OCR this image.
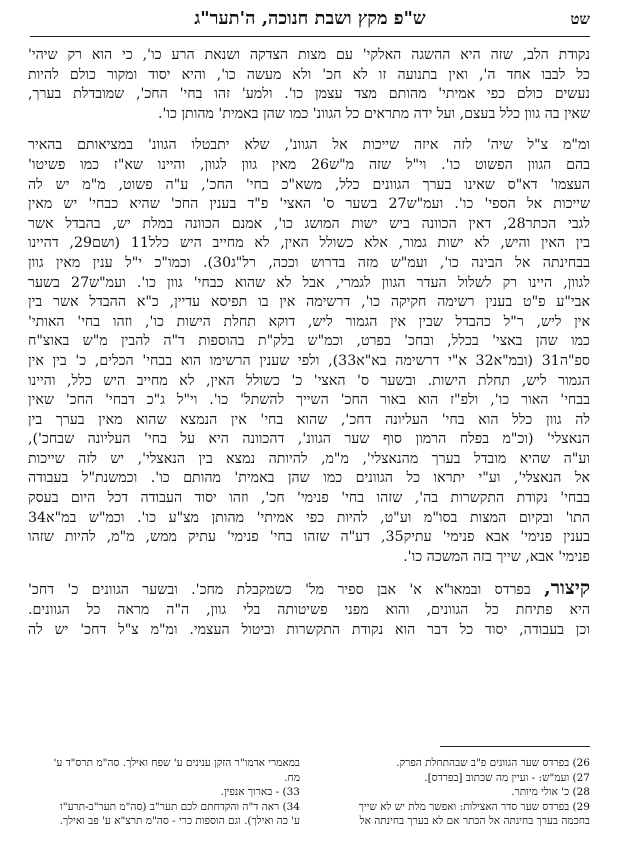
שט
ש"פ מקץ ושבת חנוכה, ה'תער"ג
נקודת הלב, שזה היא ההשגה האלקי' עם מצות הצדקה ושנאת הרע כו', כי הוא רק שיהי'
כל לבבו אחד ה', ואין בתנועה זו לא חכ' ולא מעשה כו', והיא יסוד ומקור כולם להיות
נעשים כולם כפי אמיתי' מהותם מצד עצמן כו'. ולמע' זהו בחי' החכ', שמובדלת בערך,
שאין בה גוון כלל בעצם, ועל ידה מתראים כל הגוונ' כמו שהן באמית' מהותן כו'.
ומ"מ צ"ל שיה' לזה איזה שייכות אל הגוונ', שלא יתבטלו הגוונ' במציאותם בהאיר
בהם הגוון הפשוט כו'. וי"ל שזה מ"ש26 מאין גוון לגוון, והיינו שא"ז כמו פשיטו'
העצמו' דא"ס שאינו בערך הגוונים כלל, משא"כ בחי' החכ', ע"ה פשוט, מ"מ יש לה
שייכות אל הספי' כו'. ועמ"ש27 בשער ס' האצי' פ"ד בענין החכ' שהיא כבחי' יש מאין
לגבי הכתר28, דאין הכוונה ביש ישות המושג כו', אמנם הכוונה במלת יש, בהבדל אשר
בין האין והיש, לא ישות גמור, אלא כשולל האין, לא מחייב היש כלל11 (ושם29, דהיינו
בבחינתה אל הבינה כו', ועמ"ש מזה בדרוש וככה, רל"ג30). וכמו"כ י"ל ענין מאין גוון
לגוון, היינו רק לשלול העדר הגוון לגמרי, אבל לא שהוא כבחי' גוון כו'. ועמ"ש27 בשער
אבי"ע פ"ט בענין רשימה חקיקה כו', דרשימה אין בו תפיסא עדיין, כ"א ההבדל אשר בין
אין ליש, ר"ל כהבדל שבין אין הגמור ליש, דוקא תחלת הישות כו', וזהו בחי' האותי'
כמו שהן באצי' בכלל, ובחכ' בפרט, וכמ"ש בלק"ת בהוספות ד"ה להבין מ"ש באוצ"ח
ספ"ה31 (ובמ"א32 א"י דרשימה בא"א33), ולפי שענין הרשימו הוא בבחי' הכלים, כ' בין אין
הגמור ליש, תחלת הישות. ובשער ס' האצי' כ' כשולל האין, לא מחייב היש כלל, והיינו
בבחי' האור כו', ולפ"ז הוא באור החכ' השייך להשתל' כו'. וי"ל ג"כ דבחי' החכ' שאין
לה גוון כלל הוא בחי' העליונה דחכ', שהוא בחי' אין הנמצא שהוא מאין בערך בין
הנאצלי' (וכ"מ בפלח הרמון סוף שער הגוונ', דהכוונה היא על בחי' העליונה שבחכ'),
וע"ה שהיא מובדל בערך מהנאצלי', מ"מ, להיותה נמצא בין הנאצלי', יש לזה שייכות
אל הנאצלי', וע"י יתראו כל הגוונים כמו שהן באמית' מהותם כו'. וכמשנת"ל בעבודה
בבחי' נקודת התקשרות בה', שזהו בחי' פנימי' חכ', וזהו יסוד העבודה דכל היום בעסק
התו' ובקיום המצות בסו"מ וע"ט, להיות כפי אמיתי' מהותן מצ"ע כו'. וכמ"ש במ"א34
בענין פנימי' אבא פנימי' עתיק35, דע"ה שזהו בחי' פנימי' עתיק ממש, מ"מ, להיות שזהו
פנימי' אבא, שייך בזה המשכה כו'.
קיצור, בפרדס ובמאו"א א' אבן ספיר מל' כשמקבלת מחכ'. ובשער הגוונים כ' דחכ'
היא פתיחת כל הגוונים, והוא מפני פשיטותה בלי גוון, ה"ה מראה כל הגוונים.
וכן בעבודה, יסוד כל דבר הוא נקודת התקשרות וביטול העצמי. ומ"מ צ"ל דחכ' יש לה
26) בפרדס שער הגוונים פ"ב שבהתחלת הפרק.
27) ועמ"ש: - ועיין מה שכתוב [בפרדס].
28) כ' אולי מיותר.
29) בפרדס שער סדר האצילות: ואפשר מלת יש לא שייך
בחכמה בערך בחינתה אל הכתר אם לא בערך בחינתה אל
במאמרי אדמו"ר הזקן ענינים ע' שפח ואילך. סה"מ תרס"ד ע'
מח.
33) - בארוך אנפין.
34) ראה ד"ה והקדחתם לכם תער"ב (סה"מ תער"ב-תרע"ו
ע' כה ואילך). וגם הוספות כרי - סה"מ תרצ"א ע' פב ואילך.
